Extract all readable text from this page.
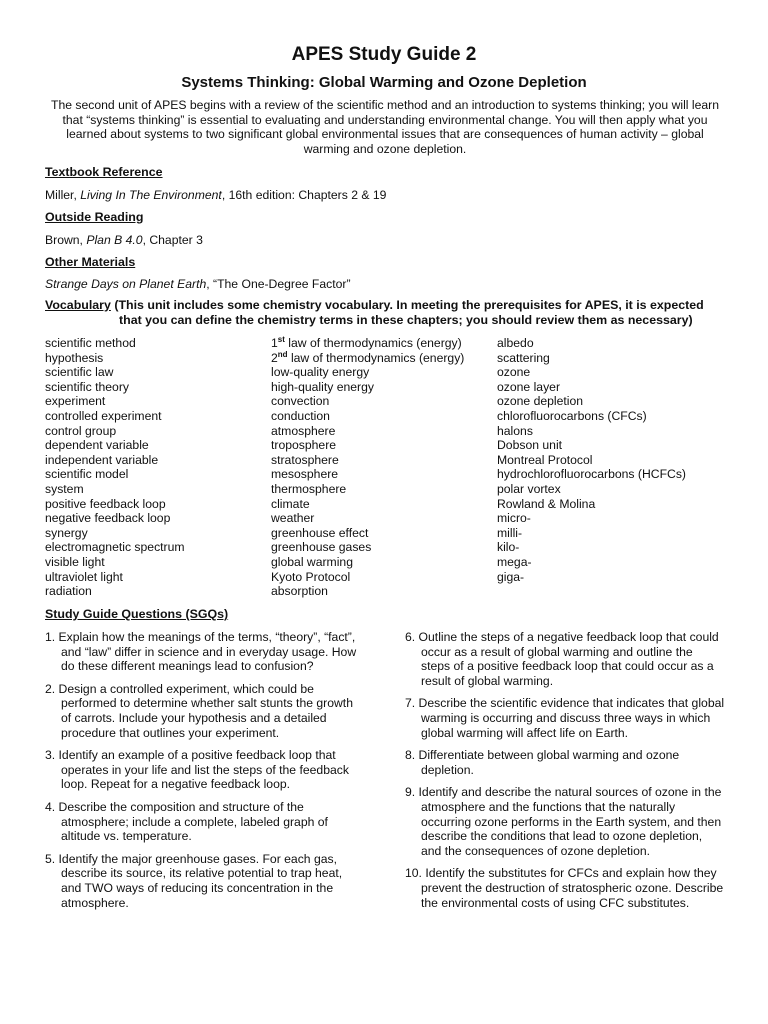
APES Study Guide 2
Systems Thinking: Global Warming and Ozone Depletion
The second unit of APES begins with a review of the scientific method and an introduction to systems thinking; you will learn that “systems thinking” is essential to evaluating and understanding environmental change. You will then apply what you learned about systems to two significant global environmental issues that are consequences of human activity – global warming and ozone depletion.
Textbook Reference
Miller, Living In The Environment, 16th edition: Chapters 2 & 19
Outside Reading
Brown, Plan B 4.0, Chapter 3
Other Materials
Strange Days on Planet Earth, “The One-Degree Factor”
Vocabulary (This unit includes some chemistry vocabulary. In meeting the prerequisites for APES, it is expected
that you can define the chemistry terms in these chapters; you should review them as necessary)
scientific method
hypothesis
scientific law
scientific theory
experiment
controlled experiment
control group
dependent variable
independent variable
scientific model
system
positive feedback loop
negative feedback loop
synergy
electromagnetic spectrum
visible light
ultraviolet light
radiation
1st law of thermodynamics (energy)
2nd law of thermodynamics (energy)
low-quality energy
high-quality energy
convection
conduction
atmosphere
troposphere
stratosphere
mesosphere
thermosphere
climate
weather
greenhouse effect
greenhouse gases
global warming
Kyoto Protocol
absorption
albedo
scattering
ozone
ozone layer
ozone depletion
chlorofluorocarbons (CFCs)
halons
Dobson unit
Montreal Protocol
hydrochlorofluorocarbons (HCFCs)
polar vortex
Rowland & Molina
micro-
milli-
kilo-
mega-
giga-
Study Guide Questions (SGQs)
1. Explain how the meanings of the terms, “theory”, “fact”, and “law” differ in science and in everyday usage. How do these different meanings lead to confusion?
2. Design a controlled experiment, which could be performed to determine whether salt stunts the growth of carrots. Include your hypothesis and a detailed procedure that outlines your experiment.
3. Identify an example of a positive feedback loop that operates in your life and list the steps of the feedback loop. Repeat for a negative feedback loop.
4. Describe the composition and structure of the atmosphere; include a complete, labeled graph of altitude vs. temperature.
5. Identify the major greenhouse gases. For each gas, describe its source, its relative potential to trap heat, and TWO ways of reducing its concentration in the atmosphere.
6. Outline the steps of a negative feedback loop that could occur as a result of global warming and outline the steps of a positive feedback loop that could occur as a result of global warming.
7. Describe the scientific evidence that indicates that global warming is occurring and discuss three ways in which global warming will affect life on Earth.
8. Differentiate between global warming and ozone depletion.
9. Identify and describe the natural sources of ozone in the atmosphere and the functions that the naturally occurring ozone performs in the Earth system, and then describe the conditions that lead to ozone depletion, and the consequences of ozone depletion.
10. Identify the substitutes for CFCs and explain how they prevent the destruction of stratospheric ozone. Describe the environmental costs of using CFC substitutes.
